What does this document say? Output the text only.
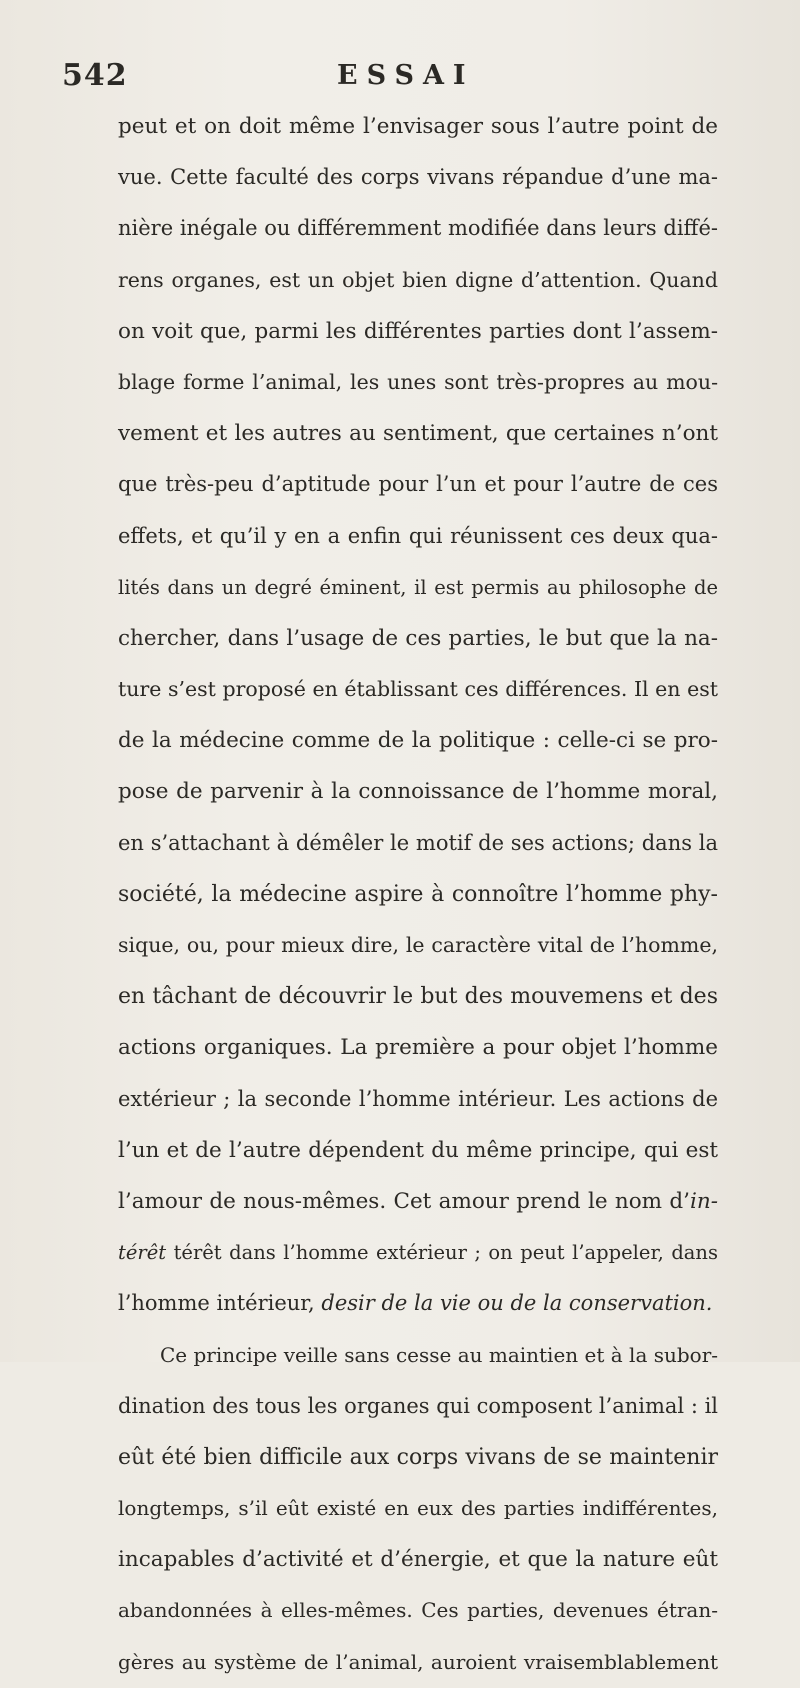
542	ESSAI
peut et on doit même l’envisager sous l’autre point de
vue. Cette faculté des corps vivans répandue d’une ma-
nière inégale ou différemment modifiée dans leurs diffé-
rens organes, est un objet bien digne d’attention. Quand
on voit que, parmi les différentes parties dont l’assem-
blage forme l’animal, les unes sont très-propres au mou-
vement et les autres au sentiment, que certaines n’ont
que très-peu d’aptitude pour l’un et pour l’autre de ces
effets, et qu’il y en a enfin qui réunissent ces deux qua-
lités dans un degré éminent, il est permis au philosophe de
chercher, dans l’usage de ces parties, le but que la na-
ture s’est proposé en établissant ces différences. Il en est
de la médecine comme de la politique : celle-ci se pro-
pose de parvenir à la connoissance de l’homme moral,
en s’attachant à démêler le motif de ses actions; dans la
société, la médecine aspire à connoître l’homme phy-
sique, ou, pour mieux dire, le caractère vital de l’homme,
en tâchant de découvrir le but des mouvemens et des
actions organiques. La première a pour objet l’homme
extérieur ; la seconde l’homme intérieur. Les actions de
l’un et de l’autre dépendent du même principe, qui est
l’amour de nous-mêmes. Cet amour prend le nom d’in-
térêt térêt dans l’homme extérieur ; on peut l’appeler, dans
l’homme intérieur, desir de la vie ou de la conservation.
Ce principe veille sans cesse au maintien et à la subor-
dination des tous les organes qui composent l’animal : il
eût été bien difficile aux corps vivans de se maintenir
longtemps, s’il eût existé en eux des parties indifférentes,
incapables d’activité et d’énergie, et que la nature eût
abandonnées à elles-mêmes. Ces parties, devenues étran-
gères au système de l’animal, auroient vraisemblablement
